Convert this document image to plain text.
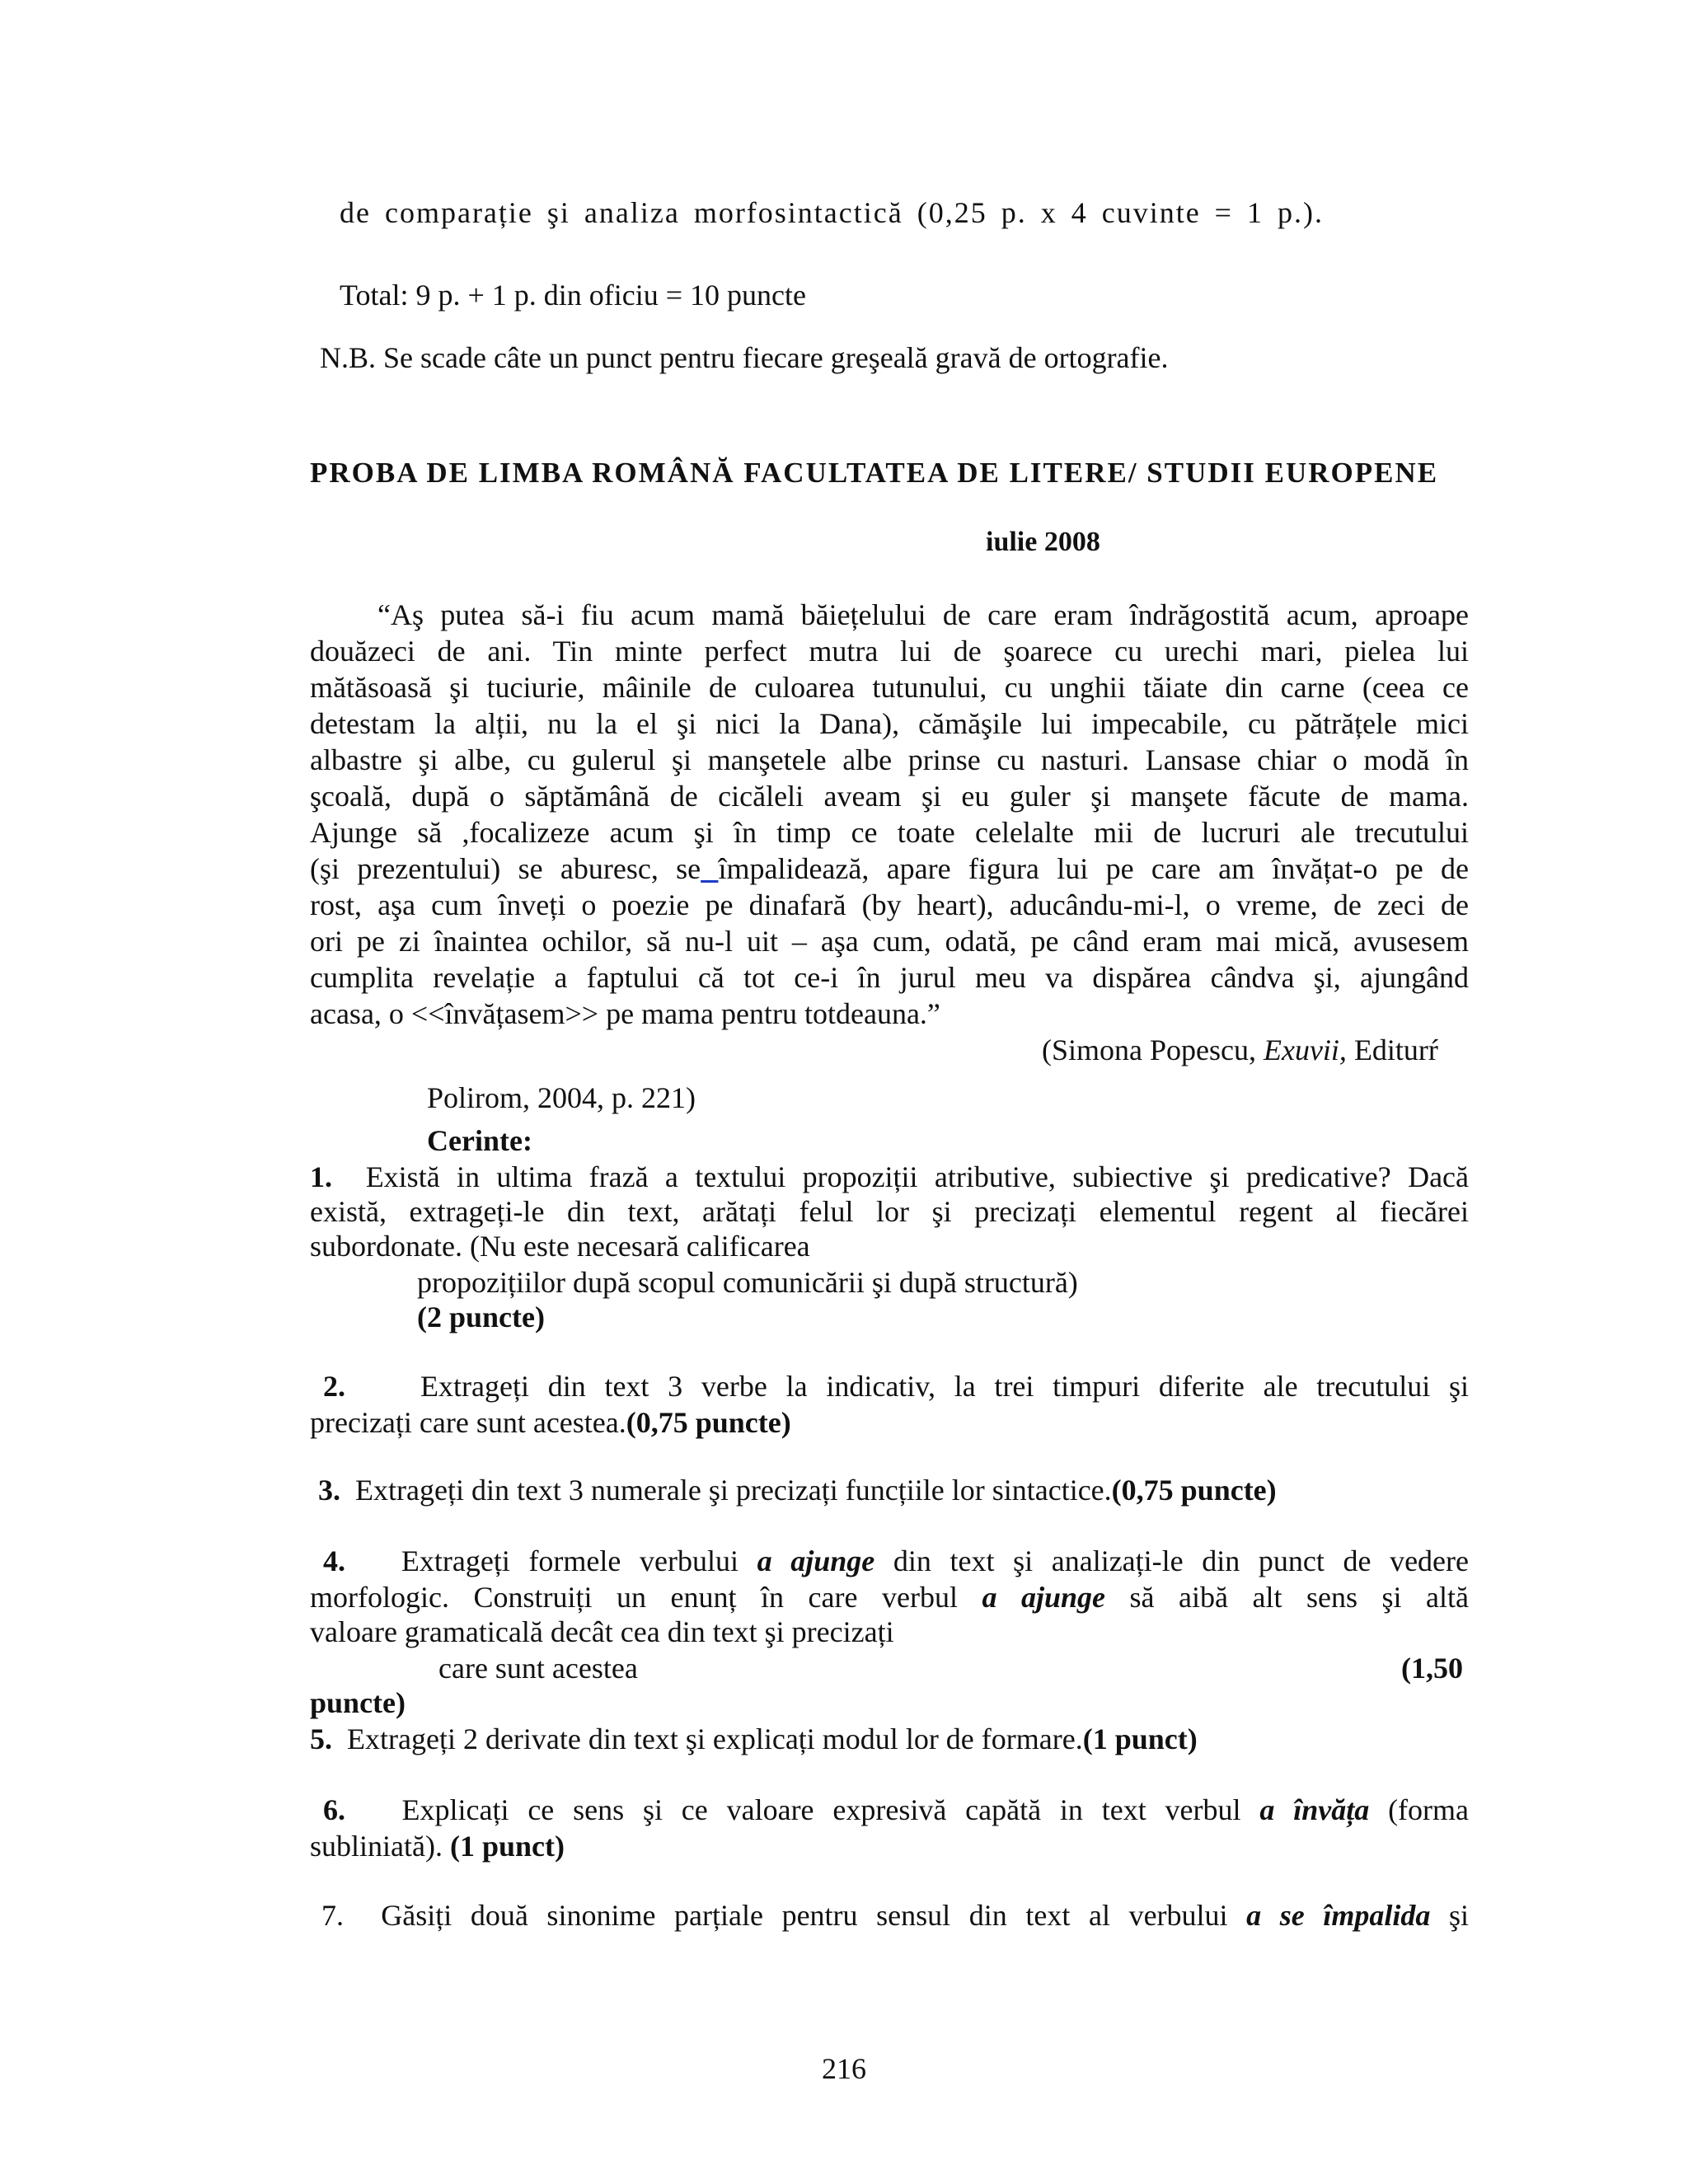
de comparație şi analiza morfosintactică (0,25 p. x 4 cuvinte = 1 p.).

Total: 9 p. + 1 p. din oficiu = 10 puncte

N.B. Se scade câte un punct pentru fiecare greşeală gravă de ortografie.

PROBA DE LIMBA ROMÂNĂ FACULTATEA DE LITERE/ STUDII EUROPENE

iulie 2008

“Aş putea să-i fiu acum mamă băiețelului de care eram îndrăgostită acum, aproape

douăzeci de ani. Tin minte perfect mutra lui de şoarece cu urechi mari, pielea lui

mătăsoasă şi tuciurie, mâinile de culoarea tutunului, cu unghii tăiate din carne (ceea ce

detestam la alții, nu la el şi nici la Dana), cămăşile lui impecabile, cu pătrățele mici

albastre şi albe, cu gulerul şi manşetele albe prinse cu nasturi. Lansase chiar o modă în

şcoală, după o săptămână de cicăleli aveam şi eu guler şi manşete făcute de mama.

Ajunge să ,focalizeze acum şi în timp ce toate celelalte mii de lucruri ale trecutului

(şi prezentului) se aburesc, se împalidează, apare figura lui pe care am învățat-o pe de

rost, aşa cum înveți o poezie pe dinafară (by heart), aducându-mi-l, o vreme, de zeci de

ori pe zi înaintea ochilor, să nu-l uit – aşa cum, odată, pe când eram mai mică, avusesem

cumplita revelație a faptului că tot ce-i în jurul meu va dispărea cândva şi, ajungând

acasa, o <<învățasem>> pe mama pentru totdeauna.”

(Simona Popescu, Exuvii, Editurŕ

Polirom, 2004, p. 221)

Cerinte:

1. Există in ultima frază a textului propoziții atributive, subiective şi predicative? Dacă

există, extrageți-le din text, arătați felul lor şi precizați elementul regent al fiecărei

subordonate. (Nu este necesară calificarea

propozițiilor după scopul comunicării şi după structură)

(2 puncte)

2.	Extrageți din text 3 verbe la indicativ, la trei timpuri diferite ale trecutului şi

precizați care sunt acestea.(0,75 puncte)

3. Extrageți din text 3 numerale şi precizați funcțiile lor sintactice.(0,75 puncte)

4. Extrageți formele verbului a ajunge din text şi analizați-le din punct de vedere

morfologic. Construiți un enunț în care verbul a ajunge să aibă alt sens şi altă

valoare gramaticală decât cea din text şi precizați

care sunt acestea	(1,50

puncte)

5. Extrageți 2 derivate din text şi explicați modul lor de formare.(1 punct)

6. Explicați ce sens şi ce valoare expresivă capătă in text verbul a învăța (forma

subliniată). (1 punct)

7. Găsiți două sinonime parțiale pentru sensul din text al verbului a se împalida şi

216
